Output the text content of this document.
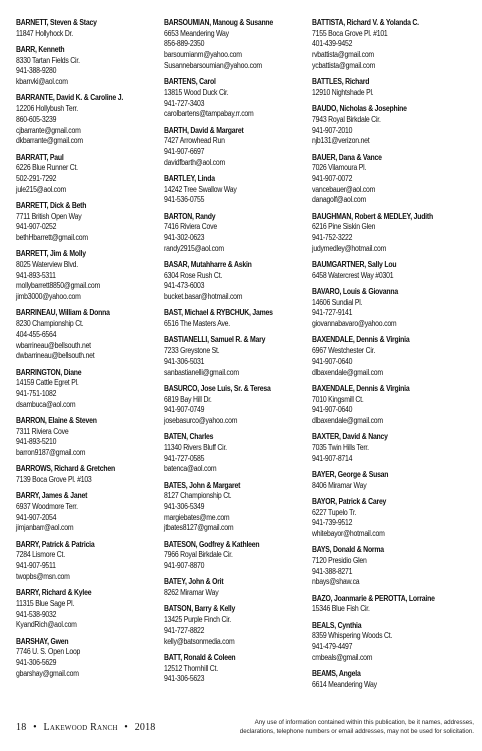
BARNETT, Steven & Stacy
11847 Hollyhock Dr.
BARR, Kenneth
8330 Tartan Fields Cir.
941-388-9280
kbarrvki@aol.com
BARRANTE, David K. & Caroline J.
12206 Hollybush Terr.
860-605-3239
cjbarrante@gmail.com
dkbarrante@gmail.com
BARRATT, Paul
6226 Blue Runner Ct.
502-291-7292
jule215@aol.com
BARRETT, Dick & Beth
7711 British Open Way
941-907-0252
bethHbarrett@gmail.com
BARRETT, Jim & Molly
8025 Waterview Blvd.
941-893-5311
mollybarrett8850@gmail.com
jimb3000@yahoo.com
BARRINEAU, William & Donna
8230 Championship Ct.
404-455-6564
wbarrineau@bellsouth.net
dwbarrineau@bellsouth.net
BARRINGTON, Diane
14159 Cattle Egret Pl.
941-751-1082
dsambuca@aol.com
BARRON, Elaine & Steven
7311 Riviera Cove
941-893-5210
barron9187@gmail.com
BARROWS, Richard & Gretchen
7139 Boca Grove Pl. #103
BARRY, James & Janet
6937 Woodmore Terr.
941-907-2054
jimjanbarr@aol.com
BARRY, Patrick & Patricia
7284 Lismore Ct.
941-907-9511
twopbs@msn.com
BARRY, Richard & Kylee
11315 Blue Sage Pl.
941-538-9032
KyandRich@aol.com
BARSHAY, Gwen
7746 U. S. Open Loop
941-306-5629
gbarshay@gmail.com
BARSOUMIAN, Manoug & Susanne
6653 Meandering Way
856-889-2350
barsoumianm@yahoo.com
Susannebarsoumian@yahoo.com
BARTENS, Carol
13815 Wood Duck Cir.
941-727-3403
carolbartens@tampabay.rr.com
BARTH, David & Margaret
7427 Arrowhead Run
941-907-6697
davidfbarth@aol.com
BARTLEY, Linda
14242 Tree Swallow Way
941-536-0755
BARTON, Randy
7416 Riviera Cove
941-302-0623
randy2915@aol.com
BASAR, Mutahharre & Askin
6304 Rose Rush Ct.
941-473-6003
bucket.basar@hotmail.com
BAST, Michael & RYBCHUK, James
6516 The Masters Ave.
BASTIANELLI, Samuel R. & Mary
7233 Greystone St.
941-306-5031
sanbastianelli@gmail.com
BASURCO, Jose Luis, Sr. & Teresa
6819 Bay Hill Dr.
941-907-0749
josebasurco@yahoo.com
BATEN, Charles
11340 Rivers Bluff Cir.
941-727-0585
batenca@aol.com
BATES, John & Margaret
8127 Championship Ct.
941-306-5349
margiebates@me.com
jtbates8127@gmail.com
BATESON, Godfrey & Kathleen
7966 Royal Birkdale Cir.
941-907-8870
BATEY, John & Orit
8262 Miramar Way
BATSON, Barry & Kelly
13425 Purple Finch Cir.
941-727-8822
kelly@batsonmedia.com
BATT, Ronald & Coleen
12512 Thornhill Ct.
941-306-5623
BATTISTA, Richard V. & Yolanda C.
7155 Boca Grove Pl. #101
401-439-9452
rvbattista@gmail.com
ycbattista@gmail.com
BATTLES, Richard
12910 Nightshade Pl.
BAUDO, Nicholas & Josephine
7943 Royal Birkdale Cir.
941-907-2010
njb131@verizon.net
BAUER, Dana & Vance
7026 Vilamoura Pl.
941-907-0072
vancebauer@aol.com
danagolf@aol.com
BAUGHMAN, Robert & MEDLEY, Judith
6216 Pine Siskin Glen
941-752-3222
judymedley@hotmail.com
BAUMGARTNER, Sally Lou
6458 Watercrest Way #0301
BAVARO, Louis & Giovanna
14606 Sundial Pl.
941-727-9141
giovannabavaro@yahoo.com
BAXENDALE, Dennis & Virginia
6967 Westchester Cir.
941-907-0640
dlbaxendale@gmail.com
BAXENDALE, Dennis & Virginia
7010 Kingsmill Ct.
941-907-0640
dlbaxendale@gmail.com
BAXTER, David & Nancy
7035 Twin Hills Terr.
941-907-8714
BAYER, George & Susan
8406 Miramar Way
BAYOR, Patrick & Carey
6227 Tupelo Tr.
941-739-9512
whitebayor@hotmail.com
BAYS, Donald & Norma
7120 Presidio Glen
941-388-8271
nbays@shaw.ca
BAZO, Joanmarie & PEROTTA, Lorraine
15346 Blue Fish Cir.
BEALS, Cynthia
8359 Whispering Woods Ct.
941-479-4497
cmbeals@gmail.com
BEAMS, Angela
6614 Meandering Way
18 • Lakewood Ranch • 2018	Any use of information contained within this publication, be it names, addresses,
declarations, telephone numbers or email addresses, may not be used for solicitation.
